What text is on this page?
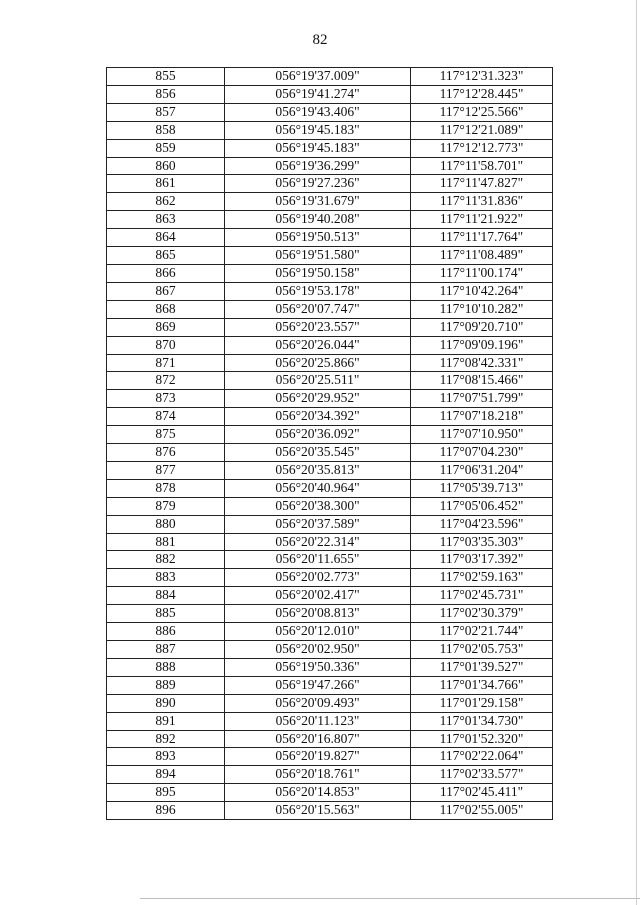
82
855	056°19'37.009"	117°12'31.323"
856	056°19'41.274"	117°12'28.445"
857	056°19'43.406"	117°12'25.566"
858	056°19'45.183"	117°12'21.089"
859	056°19'45.183"	117°12'12.773"
860	056°19'36.299"	117°11'58.701"
861	056°19'27.236"	117°11'47.827"
862	056°19'31.679"	117°11'31.836"
863	056°19'40.208"	117°11'21.922"
864	056°19'50.513"	117°11'17.764"
865	056°19'51.580"	117°11'08.489"
866	056°19'50.158"	117°11'00.174"
867	056°19'53.178"	117°10'42.264"
868	056°20'07.747"	117°10'10.282"
869	056°20'23.557"	117°09'20.710"
870	056°20'26.044"	117°09'09.196"
871	056°20'25.866"	117°08'42.331"
872	056°20'25.511"	117°08'15.466"
873	056°20'29.952"	117°07'51.799"
874	056°20'34.392"	117°07'18.218"
875	056°20'36.092"	117°07'10.950"
876	056°20'35.545"	117°07'04.230"
877	056°20'35.813"	117°06'31.204"
878	056°20'40.964"	117°05'39.713"
879	056°20'38.300"	117°05'06.452"
880	056°20'37.589"	117°04'23.596"
881	056°20'22.314"	117°03'35.303"
882	056°20'11.655"	117°03'17.392"
883	056°20'02.773"	117°02'59.163"
884	056°20'02.417"	117°02'45.731"
885	056°20'08.813"	117°02'30.379"
886	056°20'12.010"	117°02'21.744"
887	056°20'02.950"	117°02'05.753"
888	056°19'50.336"	117°01'39.527"
889	056°19'47.266"	117°01'34.766"
890	056°20'09.493"	117°01'29.158"
891	056°20'11.123"	117°01'34.730"
892	056°20'16.807"	117°01'52.320"
893	056°20'19.827"	117°02'22.064"
894	056°20'18.761"	117°02'33.577"
895	056°20'14.853"	117°02'45.411"
896	056°20'15.563"	117°02'55.005"
